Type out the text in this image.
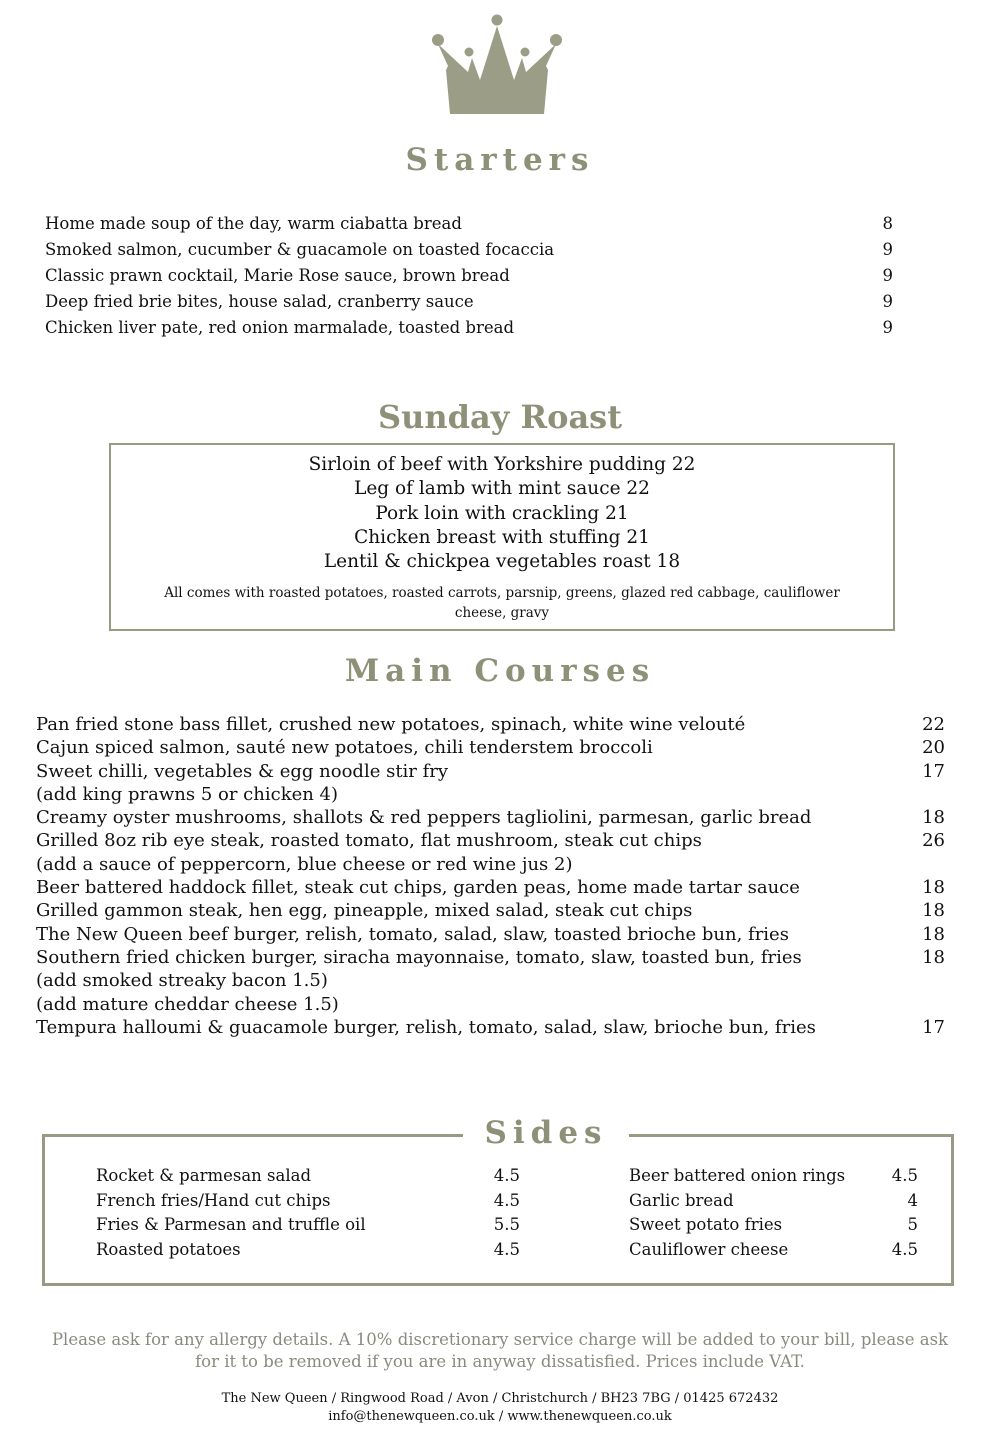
Starters
Home made soup of the day, warm ciabatta bread	8
Smoked salmon, cucumber & guacamole on toasted focaccia	9
Classic prawn cocktail, Marie Rose sauce, brown bread	9
Deep fried brie bites, house salad, cranberry sauce	9
Chicken liver pate, red onion marmalade, toasted bread	9
Sunday Roast
Sirloin of beef with Yorkshire pudding 22
Leg of lamb with mint sauce 22
Pork loin with crackling 21
Chicken breast with stuffing 21
Lentil & chickpea vegetables roast 18
All comes with roasted potatoes, roasted carrots, parsnip, greens, glazed red cabbage, cauliflower cheese, gravy
Main Courses
Pan fried stone bass fillet, crushed new potatoes, spinach, white wine velouté	22
Cajun spiced salmon, sauté new potatoes, chili tenderstem broccoli	20
Sweet chilli, vegetables & egg noodle stir fry	17
(add king prawns 5 or chicken 4)
Creamy oyster mushrooms, shallots & red peppers tagliolini, parmesan, garlic bread	18
Grilled 8oz rib eye steak, roasted tomato, flat mushroom, steak cut chips	26
(add a sauce of peppercorn, blue cheese or red wine jus 2)
Beer battered haddock fillet, steak cut chips, garden peas, home made tartar sauce	18
Grilled gammon steak, hen egg, pineapple, mixed salad, steak cut chips	18
The New Queen beef burger, relish, tomato, salad, slaw, toasted brioche bun, fries	18
Southern fried chicken burger, siracha mayonnaise, tomato, slaw, toasted bun, fries	18
(add smoked streaky bacon 1.5)
(add mature cheddar cheese 1.5)
Tempura halloumi & guacamole burger, relish, tomato, salad, slaw, brioche bun, fries	17
Sides
Rocket & parmesan salad	4.5
French fries/Hand cut chips	4.5
Fries & Parmesan and truffle oil	5.5
Roasted potatoes	4.5
Beer battered onion rings	4.5
Garlic bread	4
Sweet potato fries	5
Cauliflower cheese	4.5
Please ask for any allergy details. A 10% discretionary service charge will be added to your bill, please ask for it to be removed if you are in anyway dissatisfied. Prices include VAT.
The New Queen / Ringwood Road / Avon / Christchurch / BH23 7BG / 01425 672432
info@thenewqueen.co.uk / www.thenewqueen.co.uk
